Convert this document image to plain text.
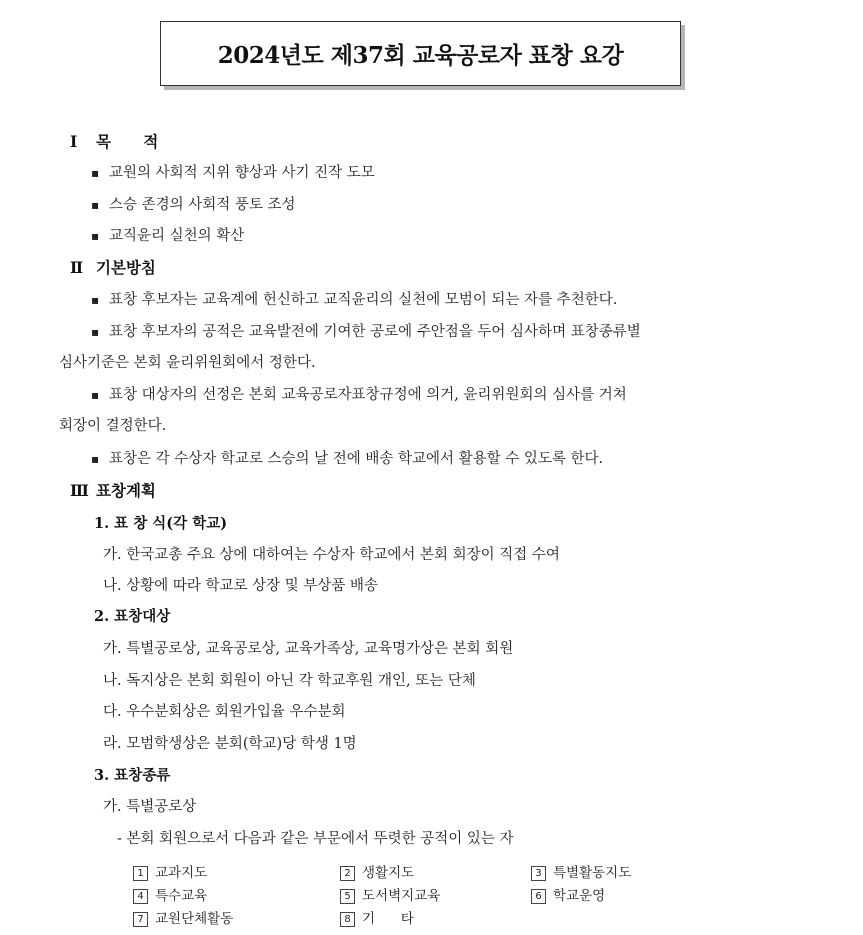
2024년도 제37회 교육공로자 표창 요강
Ⅰ 목      적
▪ 교원의 사회적 지위 향상과 사기 진작 도모
▪ 스승 존경의 사회적 풍토 조성
▪ 교직윤리 실천의 확산
Ⅱ 기본방침
▪ 표창 후보자는 교육계에 헌신하고 교직윤리의 실천에 모범이 되는 자를 추천한다.
▪ 표창 후보자의 공적은 교육발전에 기여한 공로에 주안점을 두어 심사하며 표창종류별
심사기준은 본회 윤리위원회에서 정한다.
▪ 표창 대상자의 선정은 본회 교육공로자표창규정에 의거, 윤리위원회의 심사를 거쳐
회장이 결정한다.
▪ 표창은 각 수상자 학교로 스승의 날 전에 배송 학교에서 활용할 수 있도록 한다.
Ⅲ 표창계획
1. 표 창 식(각 학교)
가. 한국교총 주요 상에 대하여는 수상자 학교에서 본회 회장이 직접 수여
나. 상황에 따라 학교로 상장 및 부상품 배송
2. 표창대상
가. 특별공로상, 교육공로상, 교육가족상, 교육명가상은 본회 회원
나. 독지상은 본회 회원이 아닌 각 학교후원 개인, 또는 단체
다. 우수분회상은 회원가입율 우수분회
라. 모범학생상은 분회(학교)당 학생 1명
3. 표창종류
가. 특별공로상
- 본회 회원으로서 다음과 같은 부문에서 뚜렷한 공적이 있는 자
1 교과지도	2 생활지도	3 특별활동지도
4 특수교육	5 도서벽지교육	6 학교운영
7 교원단체활동	8 기      타
